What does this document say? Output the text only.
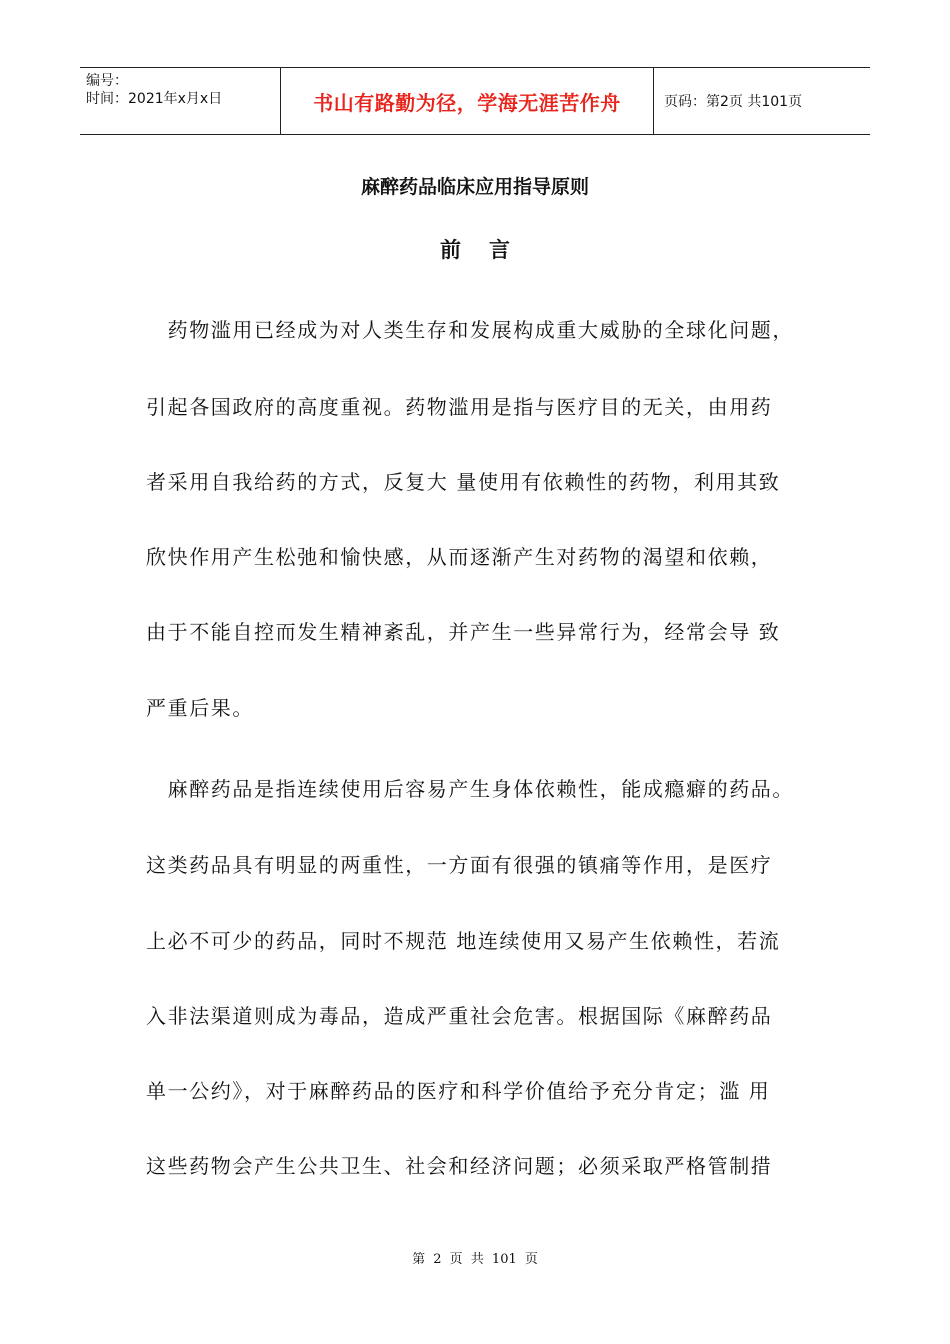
编号：
时间：2021年x月x日	书山有路勤为径，学海无涯苦作舟	页码：第2页 共101页
麻醉药品临床应用指导原则
前言
　药物滥用已经成为对人类生存和发展构成重大威胁的全球化问题，
引起各国政府的高度重视。药物滥用是指与医疗目的无关，由用药
者采用自我给药的方式，反复大 量使用有依赖性的药物，利用其致
欣快作用产生松弛和愉快感，从而逐渐产生对药物的渴望和依赖，
由于不能自控而发生精神紊乱，并产生一些异常行为，经常会导 致
严重后果。
　麻醉药品是指连续使用后容易产生身体依赖性，能成瘾癖的药品。
这类药品具有明显的两重性，一方面有很强的镇痛等作用，是医疗
上必不可少的药品，同时不规范 地连续使用又易产生依赖性，若流
入非法渠道则成为毒品，造成严重社会危害。根据国际《麻醉药品
单一公约》，对于麻醉药品的医疗和科学价值给予充分肯定；滥 用
这些药物会产生公共卫生、社会和经济问题；必须采取严格管制措
第 2 页 共 101 页
